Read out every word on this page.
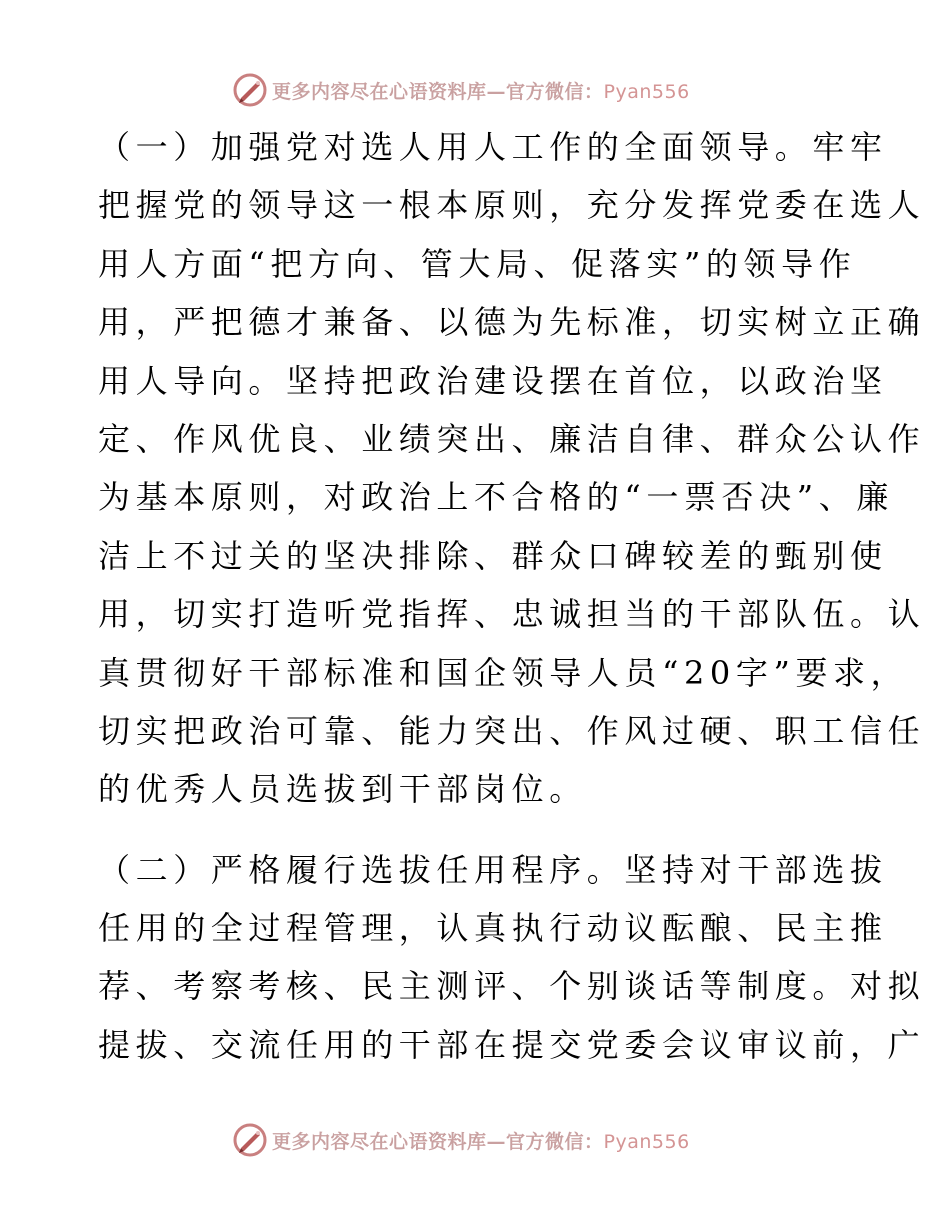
更多内容尽在心语资料库—官方微信：Pyan556
（一）加强党对选人用人工作的全面领导。牢牢
把握党的领导这一根本原则，充分发挥党委在选人
用人方面“把方向、管大局、促落实”的领导作
用，严把德才兼备、以德为先标准，切实树立正确
用人导向。坚持把政治建设摆在首位，以政治坚
定、作风优良、业绩突出、廉洁自律、群众公认作
为基本原则，对政治上不合格的“一票否决”、廉
洁上不过关的坚决排除、群众口碑较差的甄别使
用，切实打造听党指挥、忠诚担当的干部队伍。认
真贯彻好干部标准和国企领导人员“20字”要求，
切实把政治可靠、能力突出、作风过硬、职工信任
的优秀人员选拔到干部岗位。
（二）严格履行选拔任用程序。坚持对干部选拔
任用的全过程管理，认真执行动议酝酿、民主推
荐、考察考核、民主测评、个别谈话等制度。对拟
提拔、交流任用的干部在提交党委会议审议前，广
更多内容尽在心语资料库—官方微信：Pyan556
